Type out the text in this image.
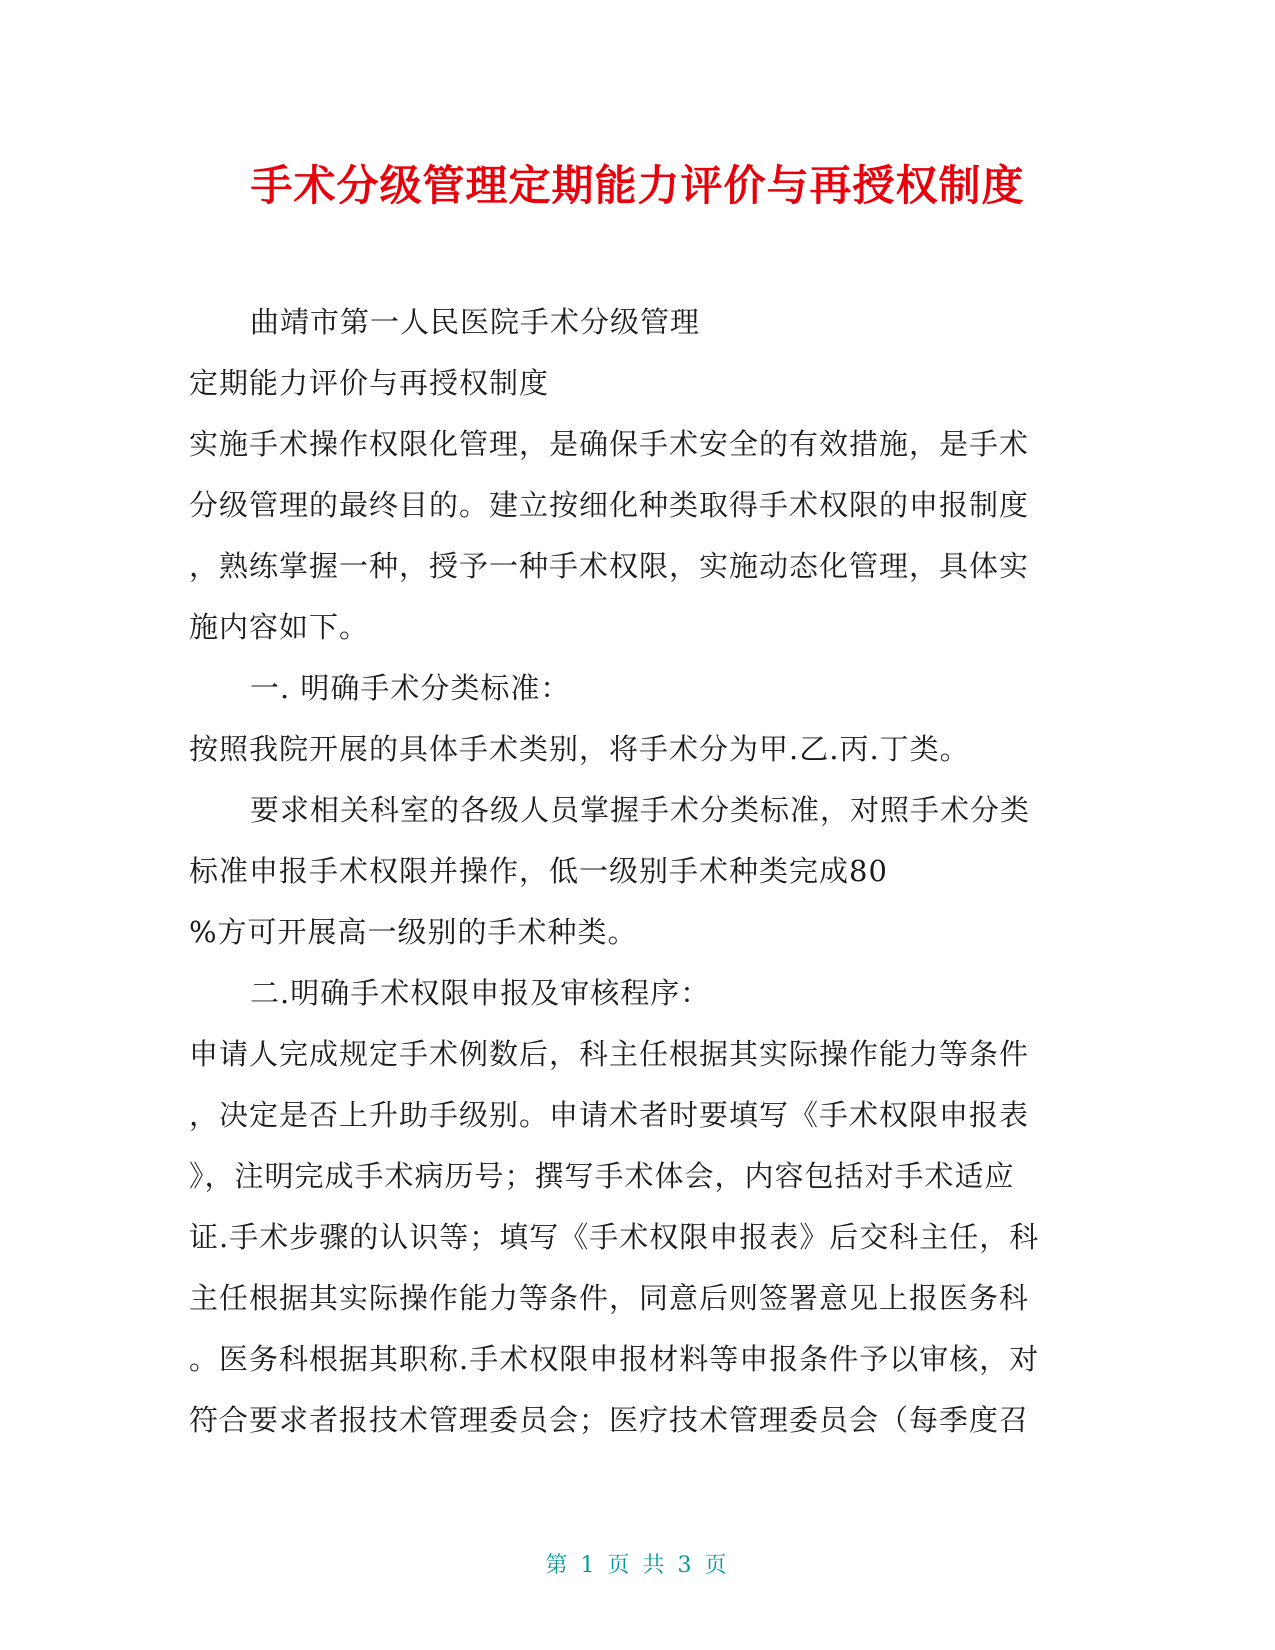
手术分级管理定期能力评价与再授权制度

曲靖市第一人民医院手术分级管理

定期能力评价与再授权制度

实施手术操作权限化管理，是确保手术安全的有效措施，是手术

分级管理的最终目的。建立按细化种类取得手术权限的申报制度

，熟练掌握一种，授予一种手术权限，实施动态化管理，具体实

施内容如下。

一. 明确手术分类标准：

按照我院开展的具体手术类别，将手术分为甲.乙.丙.丁类。

要求相关科室的各级人员掌握手术分类标准，对照手术分类

标准申报手术权限并操作，低一级别手术种类完成80

%方可开展高一级别的手术种类。

二.明确手术权限申报及审核程序：

申请人完成规定手术例数后，科主任根据其实际操作能力等条件

，决定是否上升助手级别。申请术者时要填写《手术权限申报表

》，注明完成手术病历号；撰写手术体会，内容包括对手术适应

证.手术步骤的认识等；填写《手术权限申报表》后交科主任，科

主任根据其实际操作能力等条件，同意后则签署意见上报医务科

。医务科根据其职称.手术权限申报材料等申报条件予以审核，对

符合要求者报技术管理委员会；医疗技术管理委员会（每季度召

第 1 页 共 3 页
